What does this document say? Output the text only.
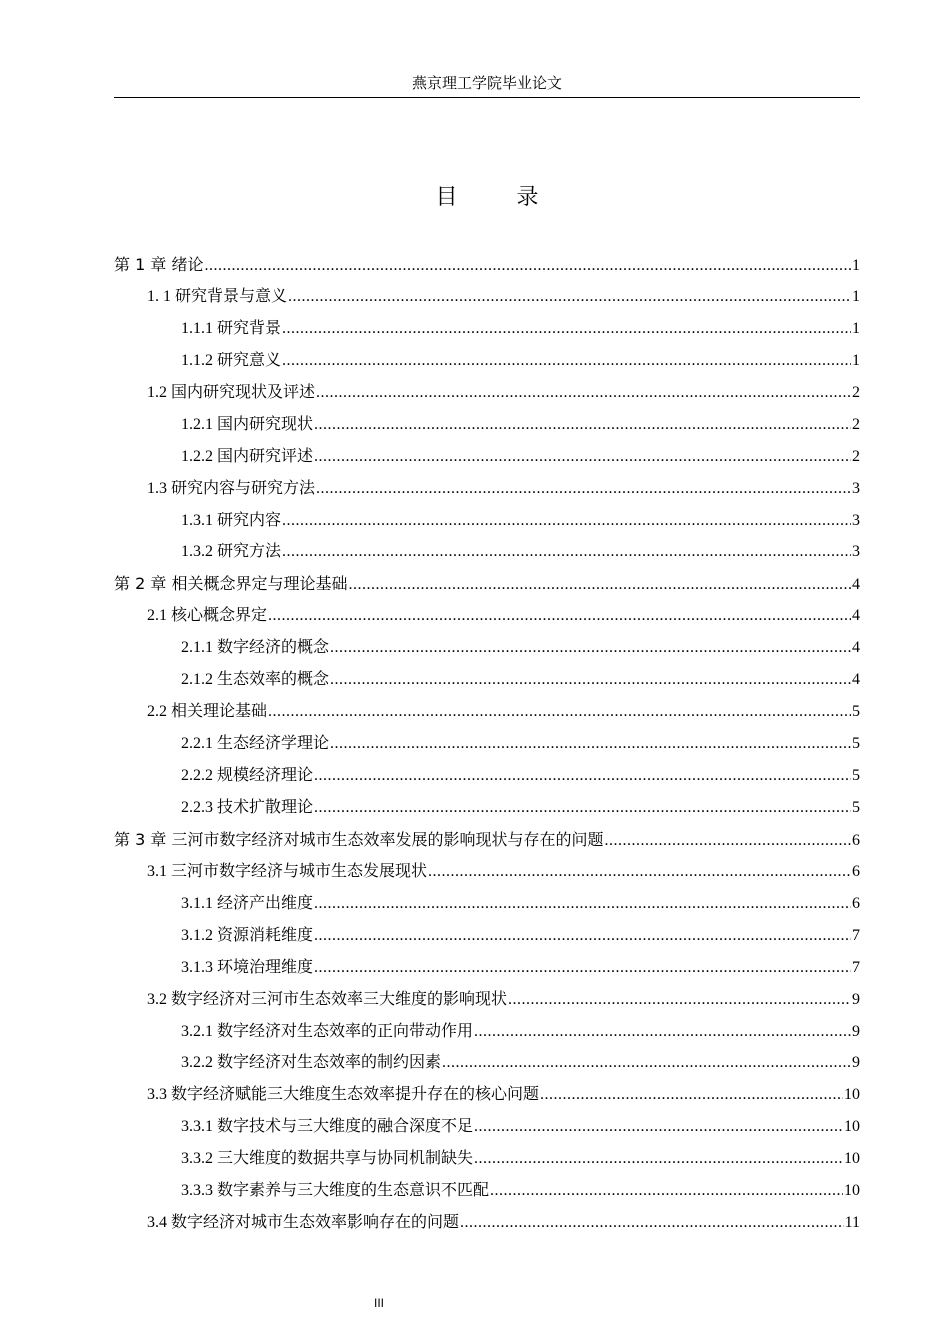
燕京理工学院毕业论文
目 录
第 1 章 绪论 .....	1
1. 1 研究背景与意义 .....	1
1.1.1 研究背景 .....	1
1.1.2 研究意义 .....	1
1.2 国内研究现状及评述 .....	2
1.2.1 国内研究现状 .....	2
1.2.2 国内研究评述 .....	2
1.3 研究内容与研究方法 .....	3
1.3.1 研究内容 .....	3
1.3.2 研究方法 .....	3
第 2 章 相关概念界定与理论基础 .....	4
2.1 核心概念界定 .....	4
2.1.1 数字经济的概念 .....	4
2.1.2 生态效率的概念 .....	4
2.2 相关理论基础 .....	5
2.2.1 生态经济学理论 .....	5
2.2.2 规模经济理论 .....	5
2.2.3 技术扩散理论 .....	5
第 3 章 三河市数字经济对城市生态效率发展的影响现状与存在的问题 .....	6
3.1 三河市数字经济与城市生态发展现状 .....	6
3.1.1 经济产出维度 .....	6
3.1.2 资源消耗维度 .....	7
3.1.3 环境治理维度 .....	7
3.2 数字经济对三河市生态效率三大维度的影响现状 .....	9
3.2.1 数字经济对生态效率的正向带动作用 .....	9
3.2.2 数字经济对生态效率的制约因素 .....	9
3.3 数字经济赋能三大维度生态效率提升存在的核心问题 .....	10
3.3.1 数字技术与三大维度的融合深度不足 .....	10
3.3.2 三大维度的数据共享与协同机制缺失 .....	10
3.3.3 数字素养与三大维度的生态意识不匹配 .....	10
3.4 数字经济对城市生态效率影响存在的问题 .....	11
III
